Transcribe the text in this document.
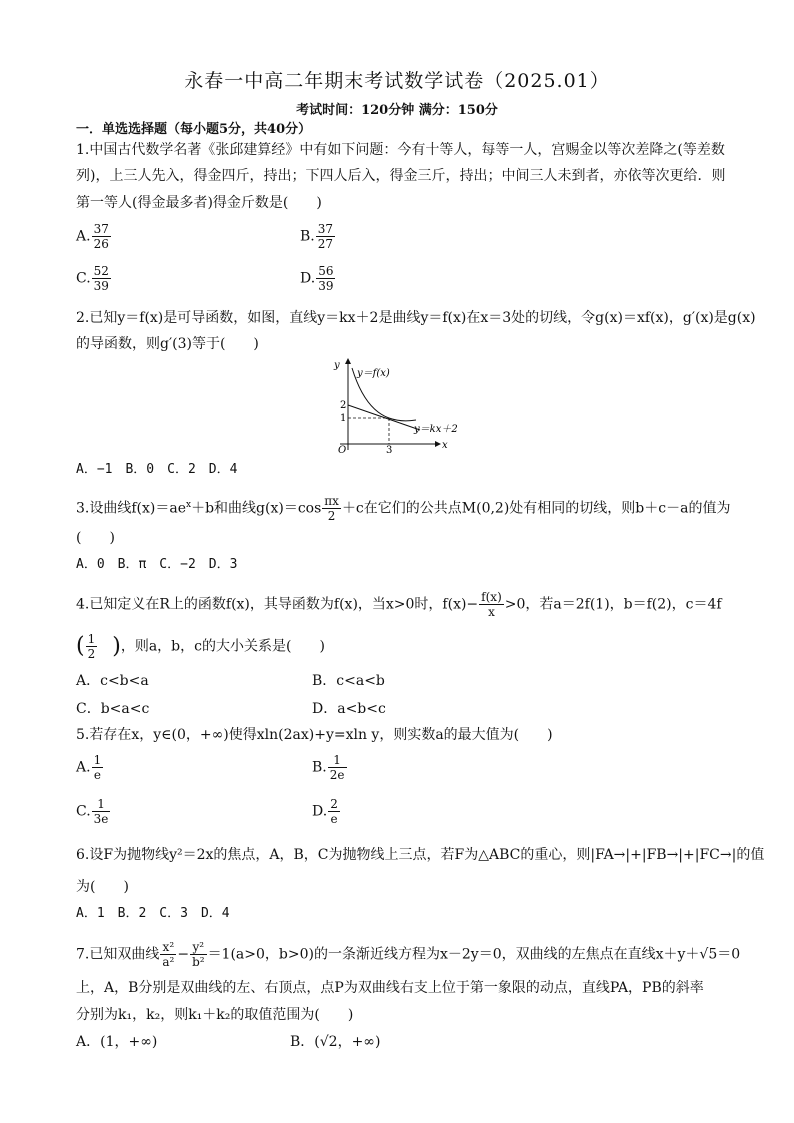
永春一中高二年期末考试数学试卷（2025.01）
考试时间：120分钟 满分：150分
一．单选选择题（每小题5分，共40分）
1.中国古代数学名著《张邱建算经》中有如下问题：今有十等人，每等一人，宫赐金以等次差降之(等差数
列)，上三人先入，得金四斤，持出；下四人后入，得金三斤，持出；中间三人未到者，亦依等次更给．则
第一等人(得金最多者)得金斤数是(　　)
A. $\frac{37}{26}$	B. $\frac{37}{27}$
C. $\frac{52}{39}$	D. $\frac{56}{39}$
2.已知y＝f(x)是可导函数，如图，直线y＝kx＋2是曲线y＝f(x)在x＝3处的切线，令g(x)＝xf(x)，g′(x)是g(x)
的导函数，则g′(3)等于(　　)
y
x
O
2
1
3
y＝f(x)
y＝kx＋2
A．−1　B．0　C．2　D．4
3.设曲线$f(x)=ae^x+b$和曲线$g(x)=\cos \frac{\pi x}{2} +c$在它们的公共点M(0,2)处有相同的切线，则b＋c－a的值为
(　　)
A．0　B．π　C．−2　D．3
4.已知定义在R上的函数f(x)，其导函数为f(x)，当x>0时，$f(x)- \frac{f(x)}{x} >0$，若a＝2f(1)，b＝f(2)，c＝4f
( $\frac{1}{2}$ )，则a，b，c的大小关系是(　　)
A．c<b<a	B．c<a<b
C．b<a<c	D．a<b<c
5.若存在x，y∈(0，+∞)使得xln(2ax)+y=xln y，则实数a的最大值为(　　)
A. $\frac{1}{e}$	B. $\frac{1}{2e}$
C. $\frac{1}{3e}$	D. $\frac{2}{e}$
6.设F为抛物线y²＝2x的焦点，A，B，C为抛物线上三点，若F为△ABC的重心，则|FA→|+|FB→|+|FC→|的值
为(　　)
A．1　B．2　C．3　D．4
7.已知双曲线 $\frac{\text{x²}}{\text{a²}} - \frac{\text{y²}}{\text{b²}} =1(a>0$，b>0)的一条渐近线方程为x－2y＝0，双曲线的左焦点在直线x＋y＋√5＝0
上，A，B分别是双曲线的左、右顶点，点P为双曲线右支上位于第一象限的动点，直线PA，PB的斜率
分别为k₁，k₂，则k₁＋k₂的取值范围为(　　)
A．(1，+∞)	B．(√2，+∞)
